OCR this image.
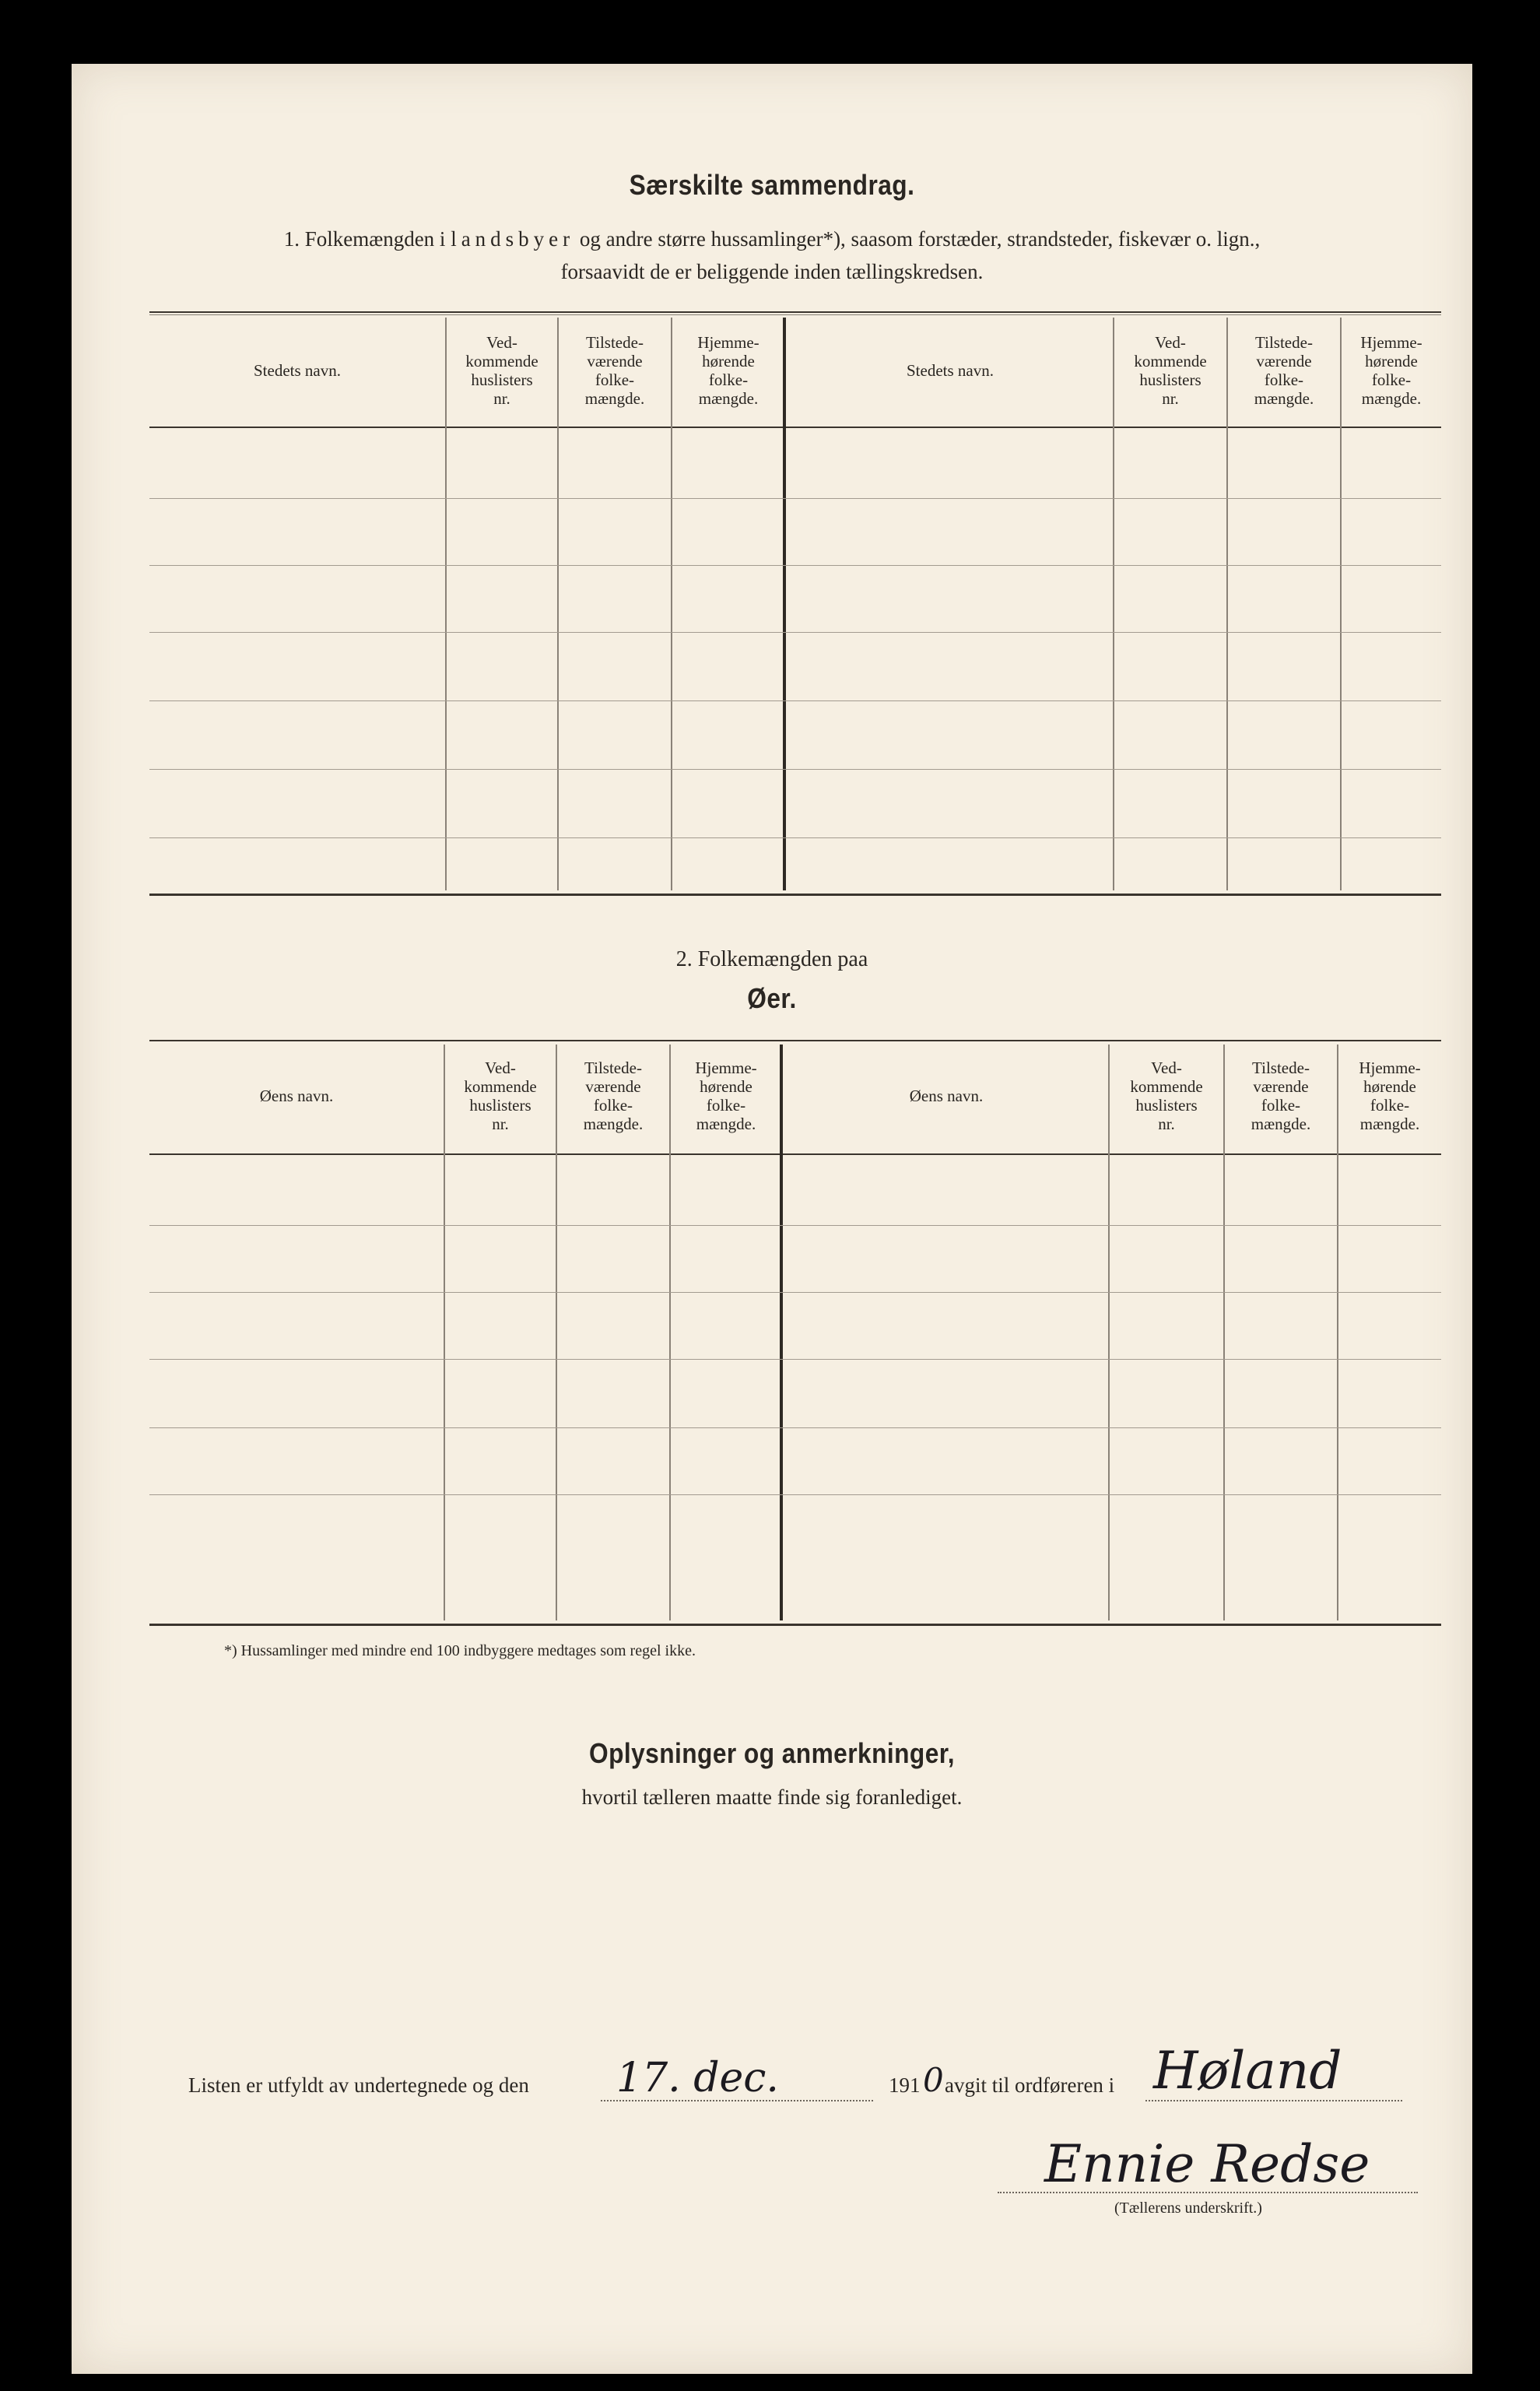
Særskilte sammendrag.
1. Folkemængden i landsbyer og andre større hussamlinger*), saasom forstæder, strandsteder, fiskevær o. lign.,
forsaavidt de er beliggende inden tællingskredsen.
Stedets navn.
Ved-
kommende
huslisters
nr.
Tilstede-
værende
folke-
mængde.
Hjemme-
hørende
folke-
mængde.
Stedets navn.
Ved-
kommende
huslisters
nr.
Tilstede-
værende
folke-
mængde.
Hjemme-
hørende
folke-
mængde.
2. Folkemængden paa
Øer.
Øens navn.
Ved-
kommende
huslisters
nr.
Tilstede-
værende
folke-
mængde.
Hjemme-
hørende
folke-
mængde.
Øens navn.
Ved-
kommende
huslisters
nr.
Tilstede-
værende
folke-
mængde.
Hjemme-
hørende
folke-
mængde.
*) Hussamlinger med mindre end 100 indbyggere medtages som regel ikke.
Oplysninger og anmerkninger,
hvortil tælleren maatte finde sig foranlediget.
Listen er utfyldt av undertegnede og den 17. dec.	191 0 avgit til ordføreren i Høland
Ennie Redse
(Tællerens underskrift.)
